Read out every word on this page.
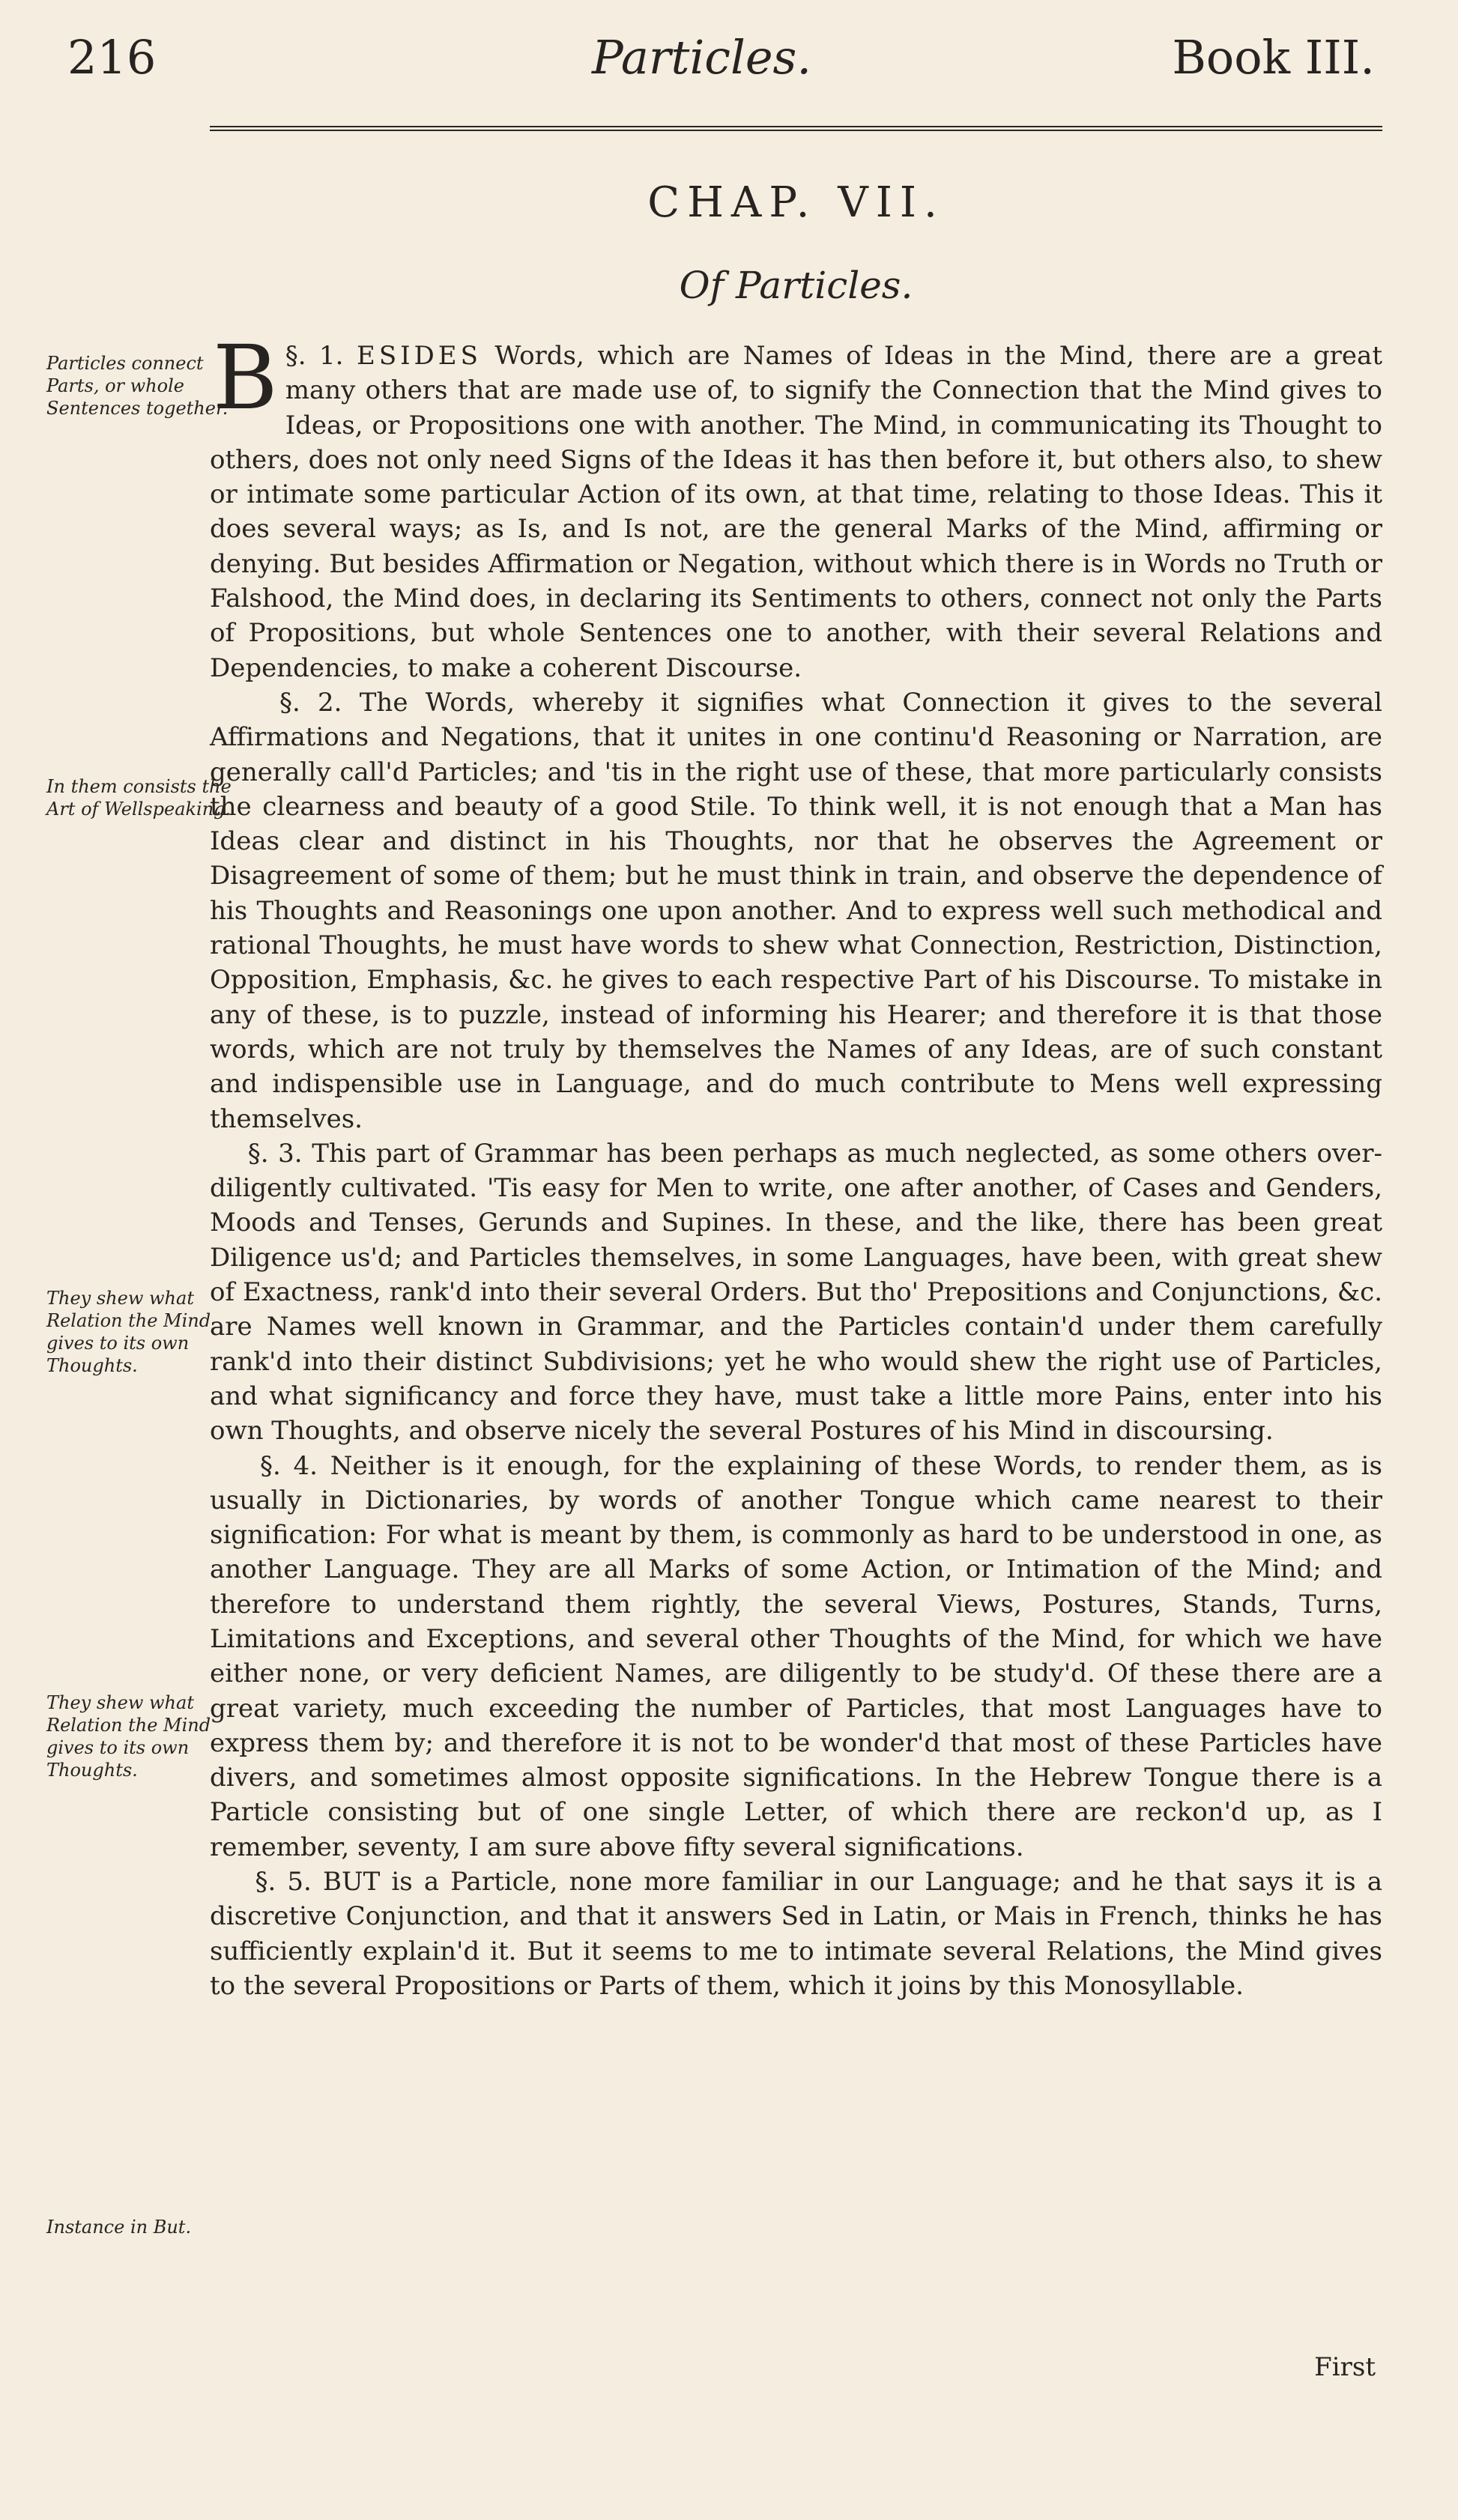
216	Particles.	Book III.
CHAP. VII.
Of Particles.
Particles connect Parts, or whole Sentences together.
In them consists the Art of Wellspeaking.
They shew what Relation the Mind gives to its own Thoughts.
They shew what Relation the Mind gives to its own Thoughts.
Instance in But.

§. 1.
B	ESIDES Words, which are Names of Ideas in the Mind, there are a great many others that are made use of, to signify the Connection that the Mind gives to Ideas, or Propositions one with another. The Mind, in communicating its Thought to others, does not only need Signs of the Ideas it has then before it, but others also, to shew or intimate some particular Action of its own, at that time, relating to those Ideas. This it does several ways; as Is, and Is not, are the general Marks of the Mind, affirming or denying. But besides Affirmation or Negation, without which there is in Words no Truth or Falshood, the Mind does, in declaring its Sentiments to others, connect not only the Parts of Propositions, but whole Sentences one to another, with their several Relations and Dependencies, to make a coherent Discourse.

§. 2. The Words, whereby it signifies what Connection it gives to the several Affirmations and Negations, that it unites in one continu'd Reasoning or Narration, are generally call'd Particles; and 'tis in the right use of these, that more particularly consists the clearness and beauty of a good Stile. To think well, it is not enough that a Man has Ideas clear and distinct in his Thoughts, nor that he observes the Agreement or Disagreement of some of them; but he must think in train, and observe the dependence of his Thoughts and Reasonings one upon another. And to express well such methodical and rational Thoughts, he must have words to shew what Connection, Restriction, Distinction, Opposition, Emphasis, &c. he gives to each respective Part of his Discourse. To mistake in any of these, is to puzzle, instead of informing his Hearer; and therefore it is that those words, which are not truly by themselves the Names of any Ideas, are of such constant and indispensible use in Language, and do much contribute to Mens well expressing themselves.

§. 3. This part of Grammar has been perhaps as much neglected, as some others over-diligently cultivated. 'Tis easy for Men to write, one after another, of Cases and Genders, Moods and Tenses, Gerunds and Supines. In these, and the like, there has been great Diligence us'd; and Particles themselves, in some Languages, have been, with great shew of Exactness, rank'd into their several Orders. But tho' Prepositions and Conjunctions, &c. are Names well known in Grammar, and the Particles contain'd under them carefully rank'd into their distinct Subdivisions; yet he who would shew the right use of Particles, and what significancy and force they have, must take a little more Pains, enter into his own Thoughts, and observe nicely the several Postures of his Mind in discoursing.

§. 4. Neither is it enough, for the explaining of these Words, to render them, as is usually in Dictionaries, by words of another Tongue which came nearest to their signification: For what is meant by them, is commonly as hard to be understood in one, as another Language. They are all Marks of some Action, or Intimation of the Mind; and therefore to understand them rightly, the several Views, Postures, Stands, Turns, Limitations and Exceptions, and several other Thoughts of the Mind, for which we have either none, or very deficient Names, are diligently to be study'd. Of these there are a great variety, much exceeding the number of Particles, that most Languages have to express them by; and therefore it is not to be wonder'd that most of these Particles have divers, and sometimes almost opposite significations. In the Hebrew Tongue there is a Particle consisting but of one single Letter, of which there are reckon'd up, as I remember, seventy, I am sure above fifty several significations.

§. 5. BUT is a Particle, none more familiar in our Language; and he that says it is a discretive Conjunction, and that it answers Sed in Latin, or Mais in French, thinks he has sufficiently explain'd it. But it seems to me to intimate several Relations, the Mind gives to the several Propositions or Parts of them, which it joins by this Monosyllable.

First
